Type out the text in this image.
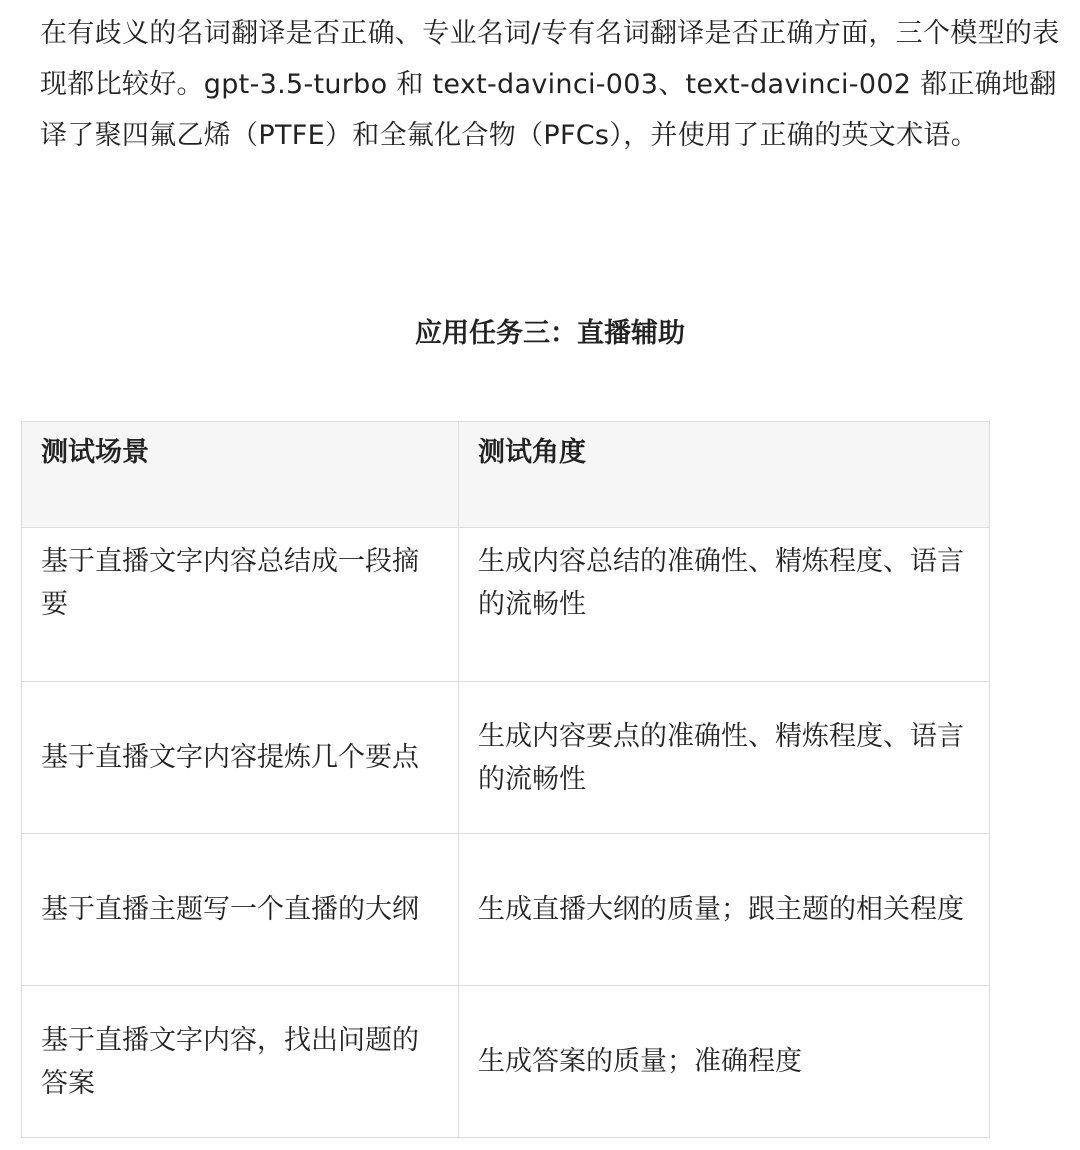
在有歧义的名词翻译是否正确、专业名词/专有名词翻译是否正确方面，三个模型的表现都比较好。gpt-3.5-turbo 和 text-davinci-003、text-davinci-002 都正确地翻译了聚四氟乙烯（PTFE）和全氟化合物（PFCs），并使用了正确的英文术语。

应用任务三：直播辅助
测试场景	测试角度
基于直播文字内容总结成一段摘要	生成内容总结的准确性、精炼程度、语言的流畅性
基于直播文字内容提炼几个要点	生成内容要点的准确性、精炼程度、语言的流畅性
基于直播主题写一个直播的大纲	生成直播大纲的质量；跟主题的相关程度
基于直播文字内容，找出问题的答案	生成答案的质量；准确程度
